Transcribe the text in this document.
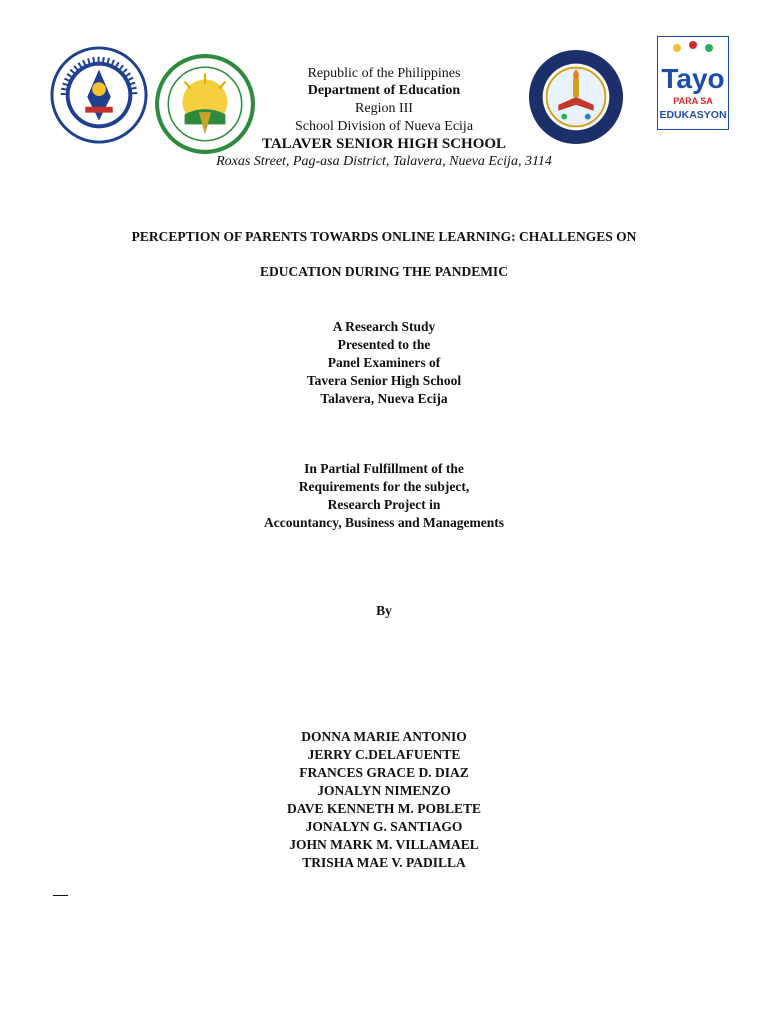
Republic of the Philippines
Department of Education
Region III
School Division of Nueva Ecija
TALAVER SENIOR HIGH SCHOOL
Roxas Street, Pag-asa District, Talavera, Nueva Ecija, 3114
Tayo
PARA SA
EDUKASYON
PERCEPTION OF PARENTS TOWARDS ONLINE LEARNING: CHALLENGES ON
EDUCATION DURING THE PANDEMIC
A Research Study
Presented to the
Panel Examiners of
Tavera Senior High School
Talavera, Nueva Ecija
In Partial Fulfillment of the
Requirements for the subject,
Research Project in
Accountancy, Business and Managements
By
DONNA MARIE ANTONIO
JERRY C.DELAFUENTE
FRANCES GRACE D. DIAZ
JONALYN NIMENZO
DAVE KENNETH M. POBLETE
JONALYN G. SANTIAGO
JOHN MARK M. VILLAMAEL
TRISHA MAE V. PADILLA
